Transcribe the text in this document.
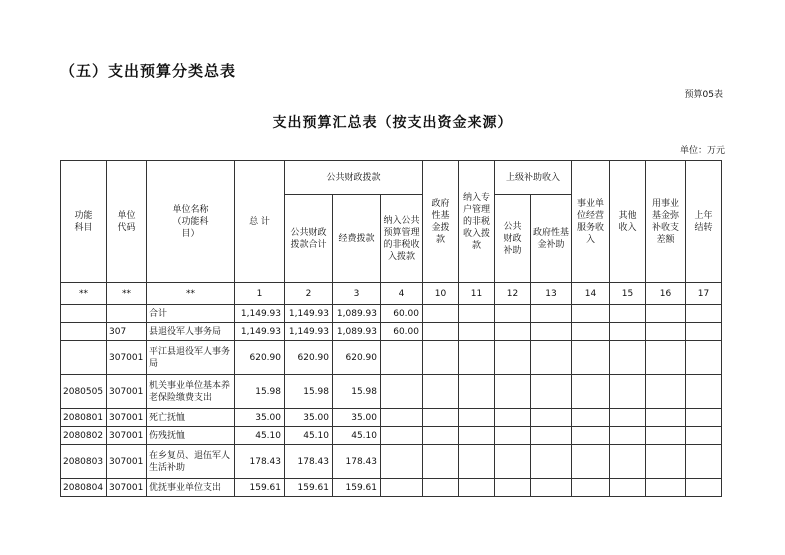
（五）支出预算分类总表
预算05表
支出预算汇总表（按支出资金来源）
单位：万元
功能科目	单位代码	单位名称（功能科目）	总 计	公共财政拨款			政府性基金拨款	纳入专户管理的非税收入拨款	上级补助收入		事业单位经营服务收入	其他收入	用事业基金弥补收支差额	上年结转

				公共财政拨款合计	经费拨款	纳入公共预算管理的非税收入拨款			公共财政补助	政府性基金补助				

**	**	**	1	2	3	4	10	11	12	13	14	15	16	17
		合计	1,149.93	1,149.93	1,089.93	60.00								
	307	县退役军人事务局	1,149.93	1,149.93	1,089.93	60.00								
	307001	平江县退役军人事务局	620.90	620.90	620.90									
2080505	307001	机关事业单位基本养老保险缴费支出	15.98	15.98	15.98									
2080801	307001	死亡抚恤	35.00	35.00	35.00									
2080802	307001	伤残抚恤	45.10	45.10	45.10									
2080803	307001	在乡复员、退伍军人生活补助	178.43	178.43	178.43									
2080804	307001	优抚事业单位支出	159.61	159.61	159.61									
